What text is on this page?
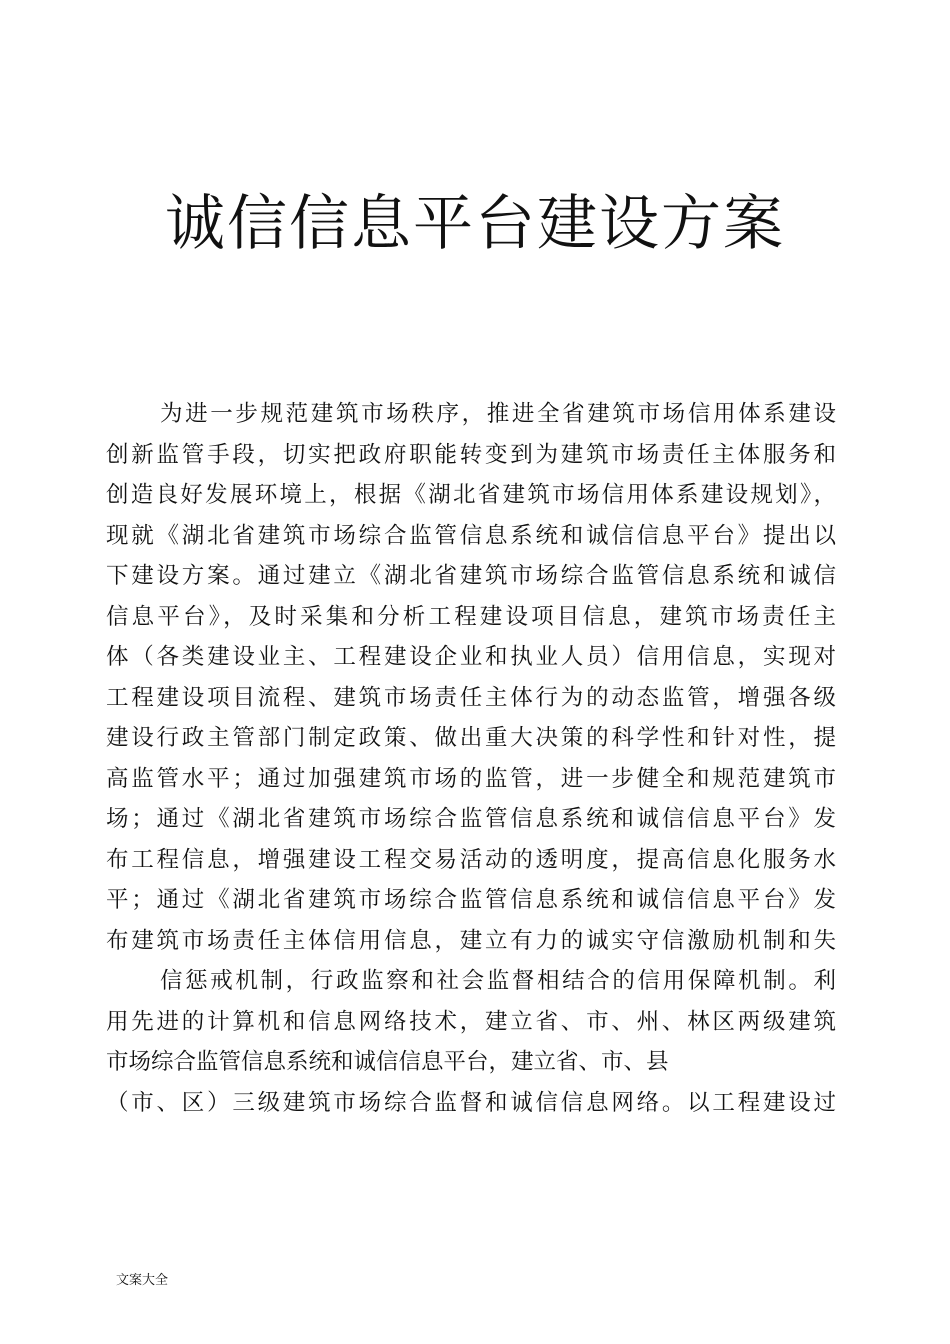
诚信信息平台建设方案
为进一步规范建筑市场秩序，推进全省建筑市场信用体系建设
创新监管手段，切实把政府职能转变到为建筑市场责任主体服务和
创造良好发展环境上，根据《湖北省建筑市场信用体系建设规划》，
现就《湖北省建筑市场综合监管信息系统和诚信信息平台》提出以
下建设方案。通过建立《湖北省建筑市场综合监管信息系统和诚信
信息平台》，及时采集和分析工程建设项目信息，建筑市场责任主
体（各类建设业主、工程建设企业和执业人员）信用信息，实现对
工程建设项目流程、建筑市场责任主体行为的动态监管，增强各级
建设行政主管部门制定政策、做出重大决策的科学性和针对性，提
高监管水平；通过加强建筑市场的监管，进一步健全和规范建筑市
场；通过《湖北省建筑市场综合监管信息系统和诚信信息平台》发
布工程信息，增强建设工程交易活动的透明度，提高信息化服务水
平；通过《湖北省建筑市场综合监管信息系统和诚信信息平台》发
布建筑市场责任主体信用信息，建立有力的诚实守信激励机制和失
信惩戒机制，行政监察和社会监督相结合的信用保障机制。利
用先进的计算机和信息网络技术，建立省、市、州、林区两级建筑
市场综合监管信息系统和诚信信息平台，建立省、市、县
（市、区）三级建筑市场综合监督和诚信信息网络。以工程建设过
文案大全
